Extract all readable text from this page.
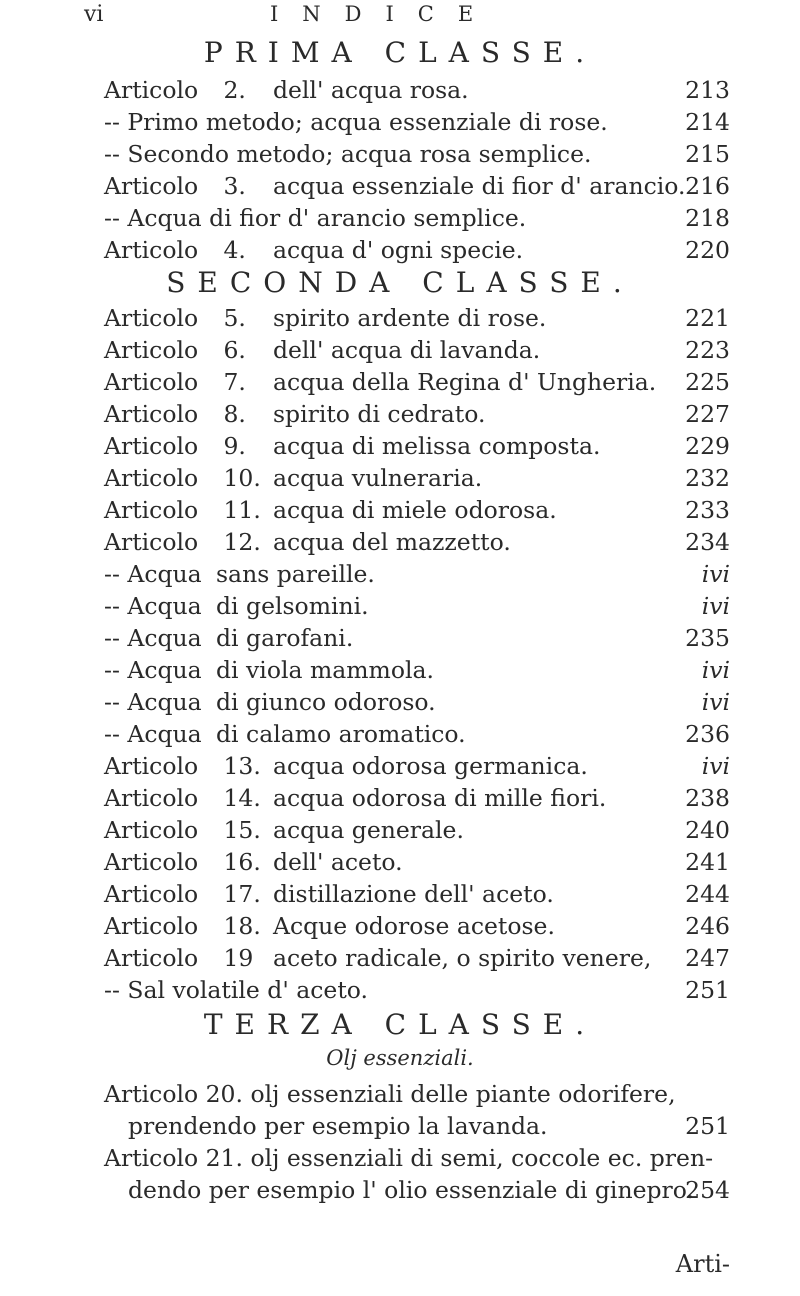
vi	INDICE
PRIMA CLASSE.
Articolo 2. dell' acqua rosa.	213
-- Primo metodo; acqua essenziale di rose.	214
-- Secondo metodo; acqua rosa semplice.	215
Articolo 3. acqua essenziale di fior d' arancio. 216
-- Acqua di fior d' arancio semplice.	218
Articolo 4. acqua d' ogni specie.	220
SECONDA CLASSE.
Articolo 5. spirito ardente di rose.	221
Articolo 6. dell' acqua di lavanda.	223
Articolo 7. acqua della Regina d' Ungheria. 225
Articolo 8. spirito di cedrato.	227
Articolo 9. acqua di melissa composta.	229
Articolo 10. acqua vulneraria.	232
Articolo 11. acqua di miele odorosa.	233
Articolo 12. acqua del mazzetto.	234
-- Acqua sans pareille.	ivi
-- Acqua di gelsomini.	ivi
-- Acqua di garofani.	235
-- Acqua di viola mammola.	ivi
-- Acqua di giunco odoroso.	ivi
-- Acqua di calamo aromatico.	236
Articolo 13. acqua odorosa germanica.	ivi
Articolo 14. acqua odorosa di mille fiori.	238
Articolo 15. acqua generale.	240
Articolo 16. dell' aceto.	241
Articolo 17. distillazione dell' aceto.	244
Articolo 18. Acque odorose acetose.	246
Articolo 19 aceto radicale, o spirito venere, 247
-- Sal volatile d' aceto.	251
TERZA CLASSE.
Olj essenziali.
Articolo 20. olj essenziali delle piante odorifere,
prendendo per esempio la lavanda.	251
Articolo 21. olj essenziali di semi, coccole ec. pren-
dendo per esempio l' olio essenziale di ginepro.
254
Arti-
